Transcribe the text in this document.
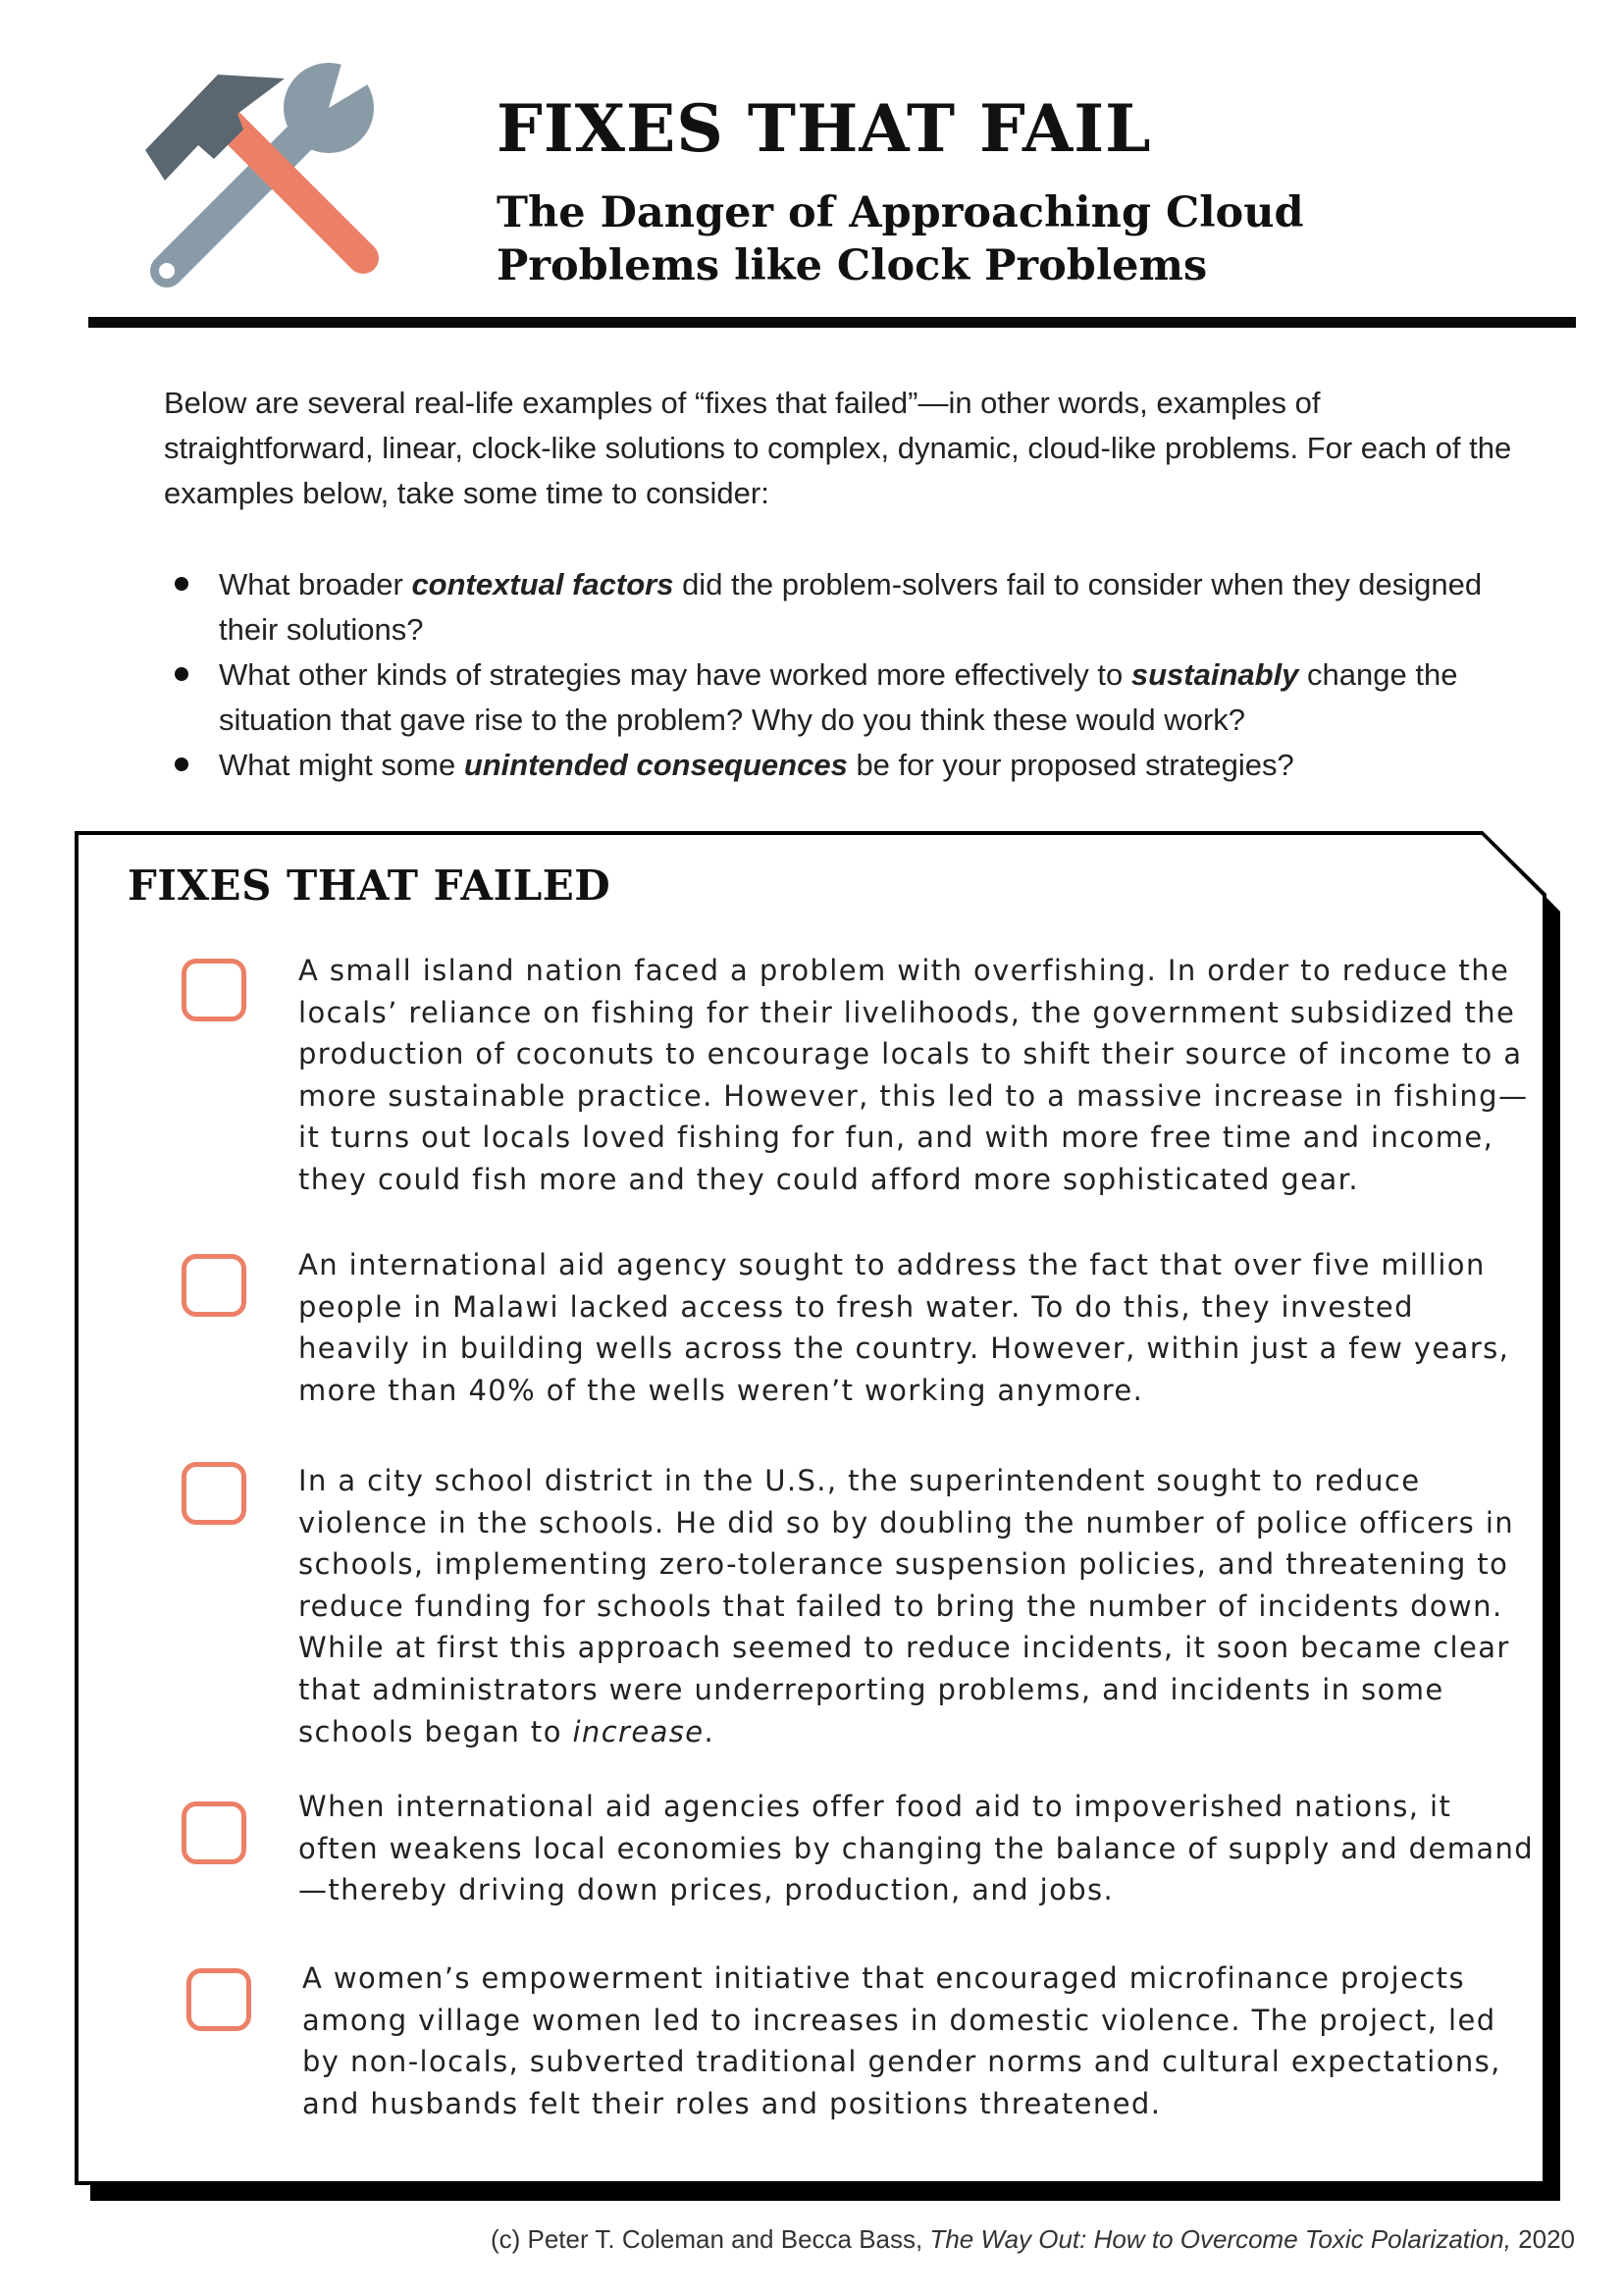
FIXES THAT FAIL
The Danger of Approaching Cloud
Problems like Clock Problems

Below are several real-life examples of “fixes that failed”—in other words, examples of straightforward, linear, clock-like solutions to complex, dynamic, cloud-like problems. For each of the examples below, take some time to consider:

What broader contextual factors did the problem-solvers fail to consider when they designed their solutions?
What other kinds of strategies may have worked more effectively to sustainably change the situation that gave rise to the problem? Why do you think these would work?
What might some unintended consequences be for your proposed strategies?
FIXES THAT FAILED

A small island nation faced a problem with overfishing. In order to reduce the locals’ reliance on fishing for their livelihoods, the government subsidized the production of coconuts to encourage locals to shift their source of income to a more sustainable practice. However, this led to a massive increase in fishing—it turns out locals loved fishing for fun, and with more free time and income, they could fish more and they could afford more sophisticated gear.

An international aid agency sought to address the fact that over five million people in Malawi lacked access to fresh water. To do this, they invested heavily in building wells across the country. However, within just a few years, more than 40% of the wells weren’t working anymore.

In a city school district in the U.S., the superintendent sought to reduce violence in the schools. He did so by doubling the number of police officers in schools, implementing zero-tolerance suspension policies, and threatening to reduce funding for schools that failed to bring the number of incidents down. While at first this approach seemed to reduce incidents, it soon became clear that administrators were underreporting problems, and incidents in some schools began to increase.

When international aid agencies offer food aid to impoverished nations, it often weakens local economies by changing the balance of supply and demand—thereby driving down prices, production, and jobs.

A women’s empowerment initiative that encouraged microfinance projects among village women led to increases in domestic violence. The project, led by non-locals, subverted traditional gender norms and cultural expectations, and husbands felt their roles and positions threatened.

(c) Peter T. Coleman and Becca Bass, The Way Out: How to Overcome Toxic Polarization, 2020
